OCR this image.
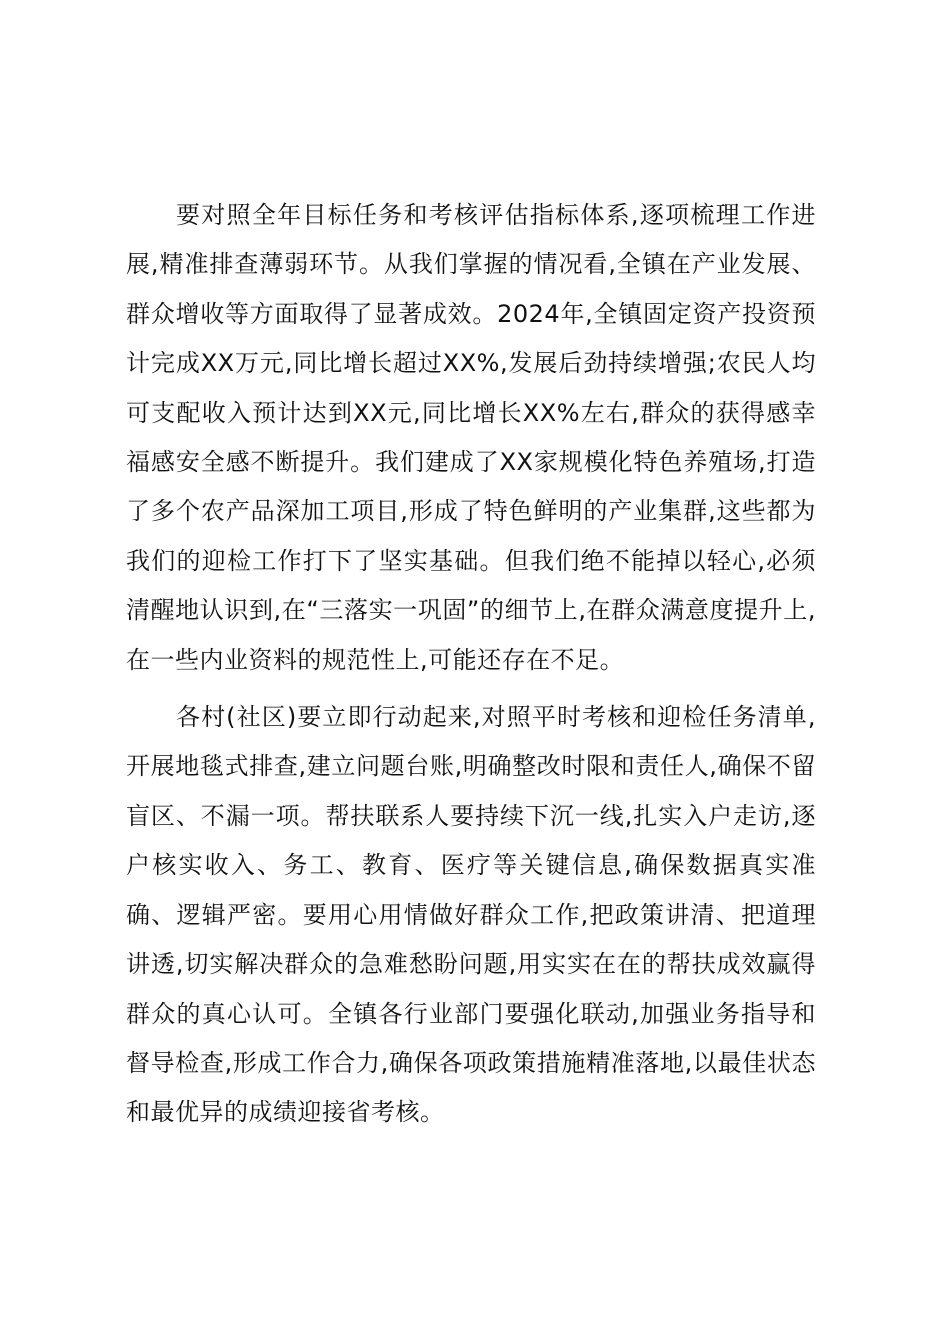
要对照全年目标任务和考核评估指标体系,逐项梳理工作进展,精准排查薄弱环节。从我们掌握的情况看,全镇在产业发展、群众增收等方面取得了显著成效。2024年,全镇固定资产投资预计完成XX万元,同比增长超过XX%,发展后劲持续增强;农民人均可支配收入预计达到XX元,同比增长XX%左右,群众的获得感幸福感安全感不断提升。我们建成了XX家规模化特色养殖场,打造了多个农产品深加工项目,形成了特色鲜明的产业集群,这些都为我们的迎检工作打下了坚实基础。但我们绝不能掉以轻心,必须清醒地认识到,在“三落实一巩固”的细节上,在群众满意度提升上,在一些内业资料的规范性上,可能还存在不足。

各村(社区)要立即行动起来,对照平时考核和迎检任务清单,开展地毯式排查,建立问题台账,明确整改时限和责任人,确保不留盲区、不漏一项。帮扶联系人要持续下沉一线,扎实入户走访,逐户核实收入、务工、教育、医疗等关键信息,确保数据真实准确、逻辑严密。要用心用情做好群众工作,把政策讲清、把道理讲透,切实解决群众的急难愁盼问题,用实实在在的帮扶成效赢得群众的真心认可。全镇各行业部门要强化联动,加强业务指导和督导检查,形成工作合力,确保各项政策措施精准落地,以最佳状态和最优异的成绩迎接省考核。
